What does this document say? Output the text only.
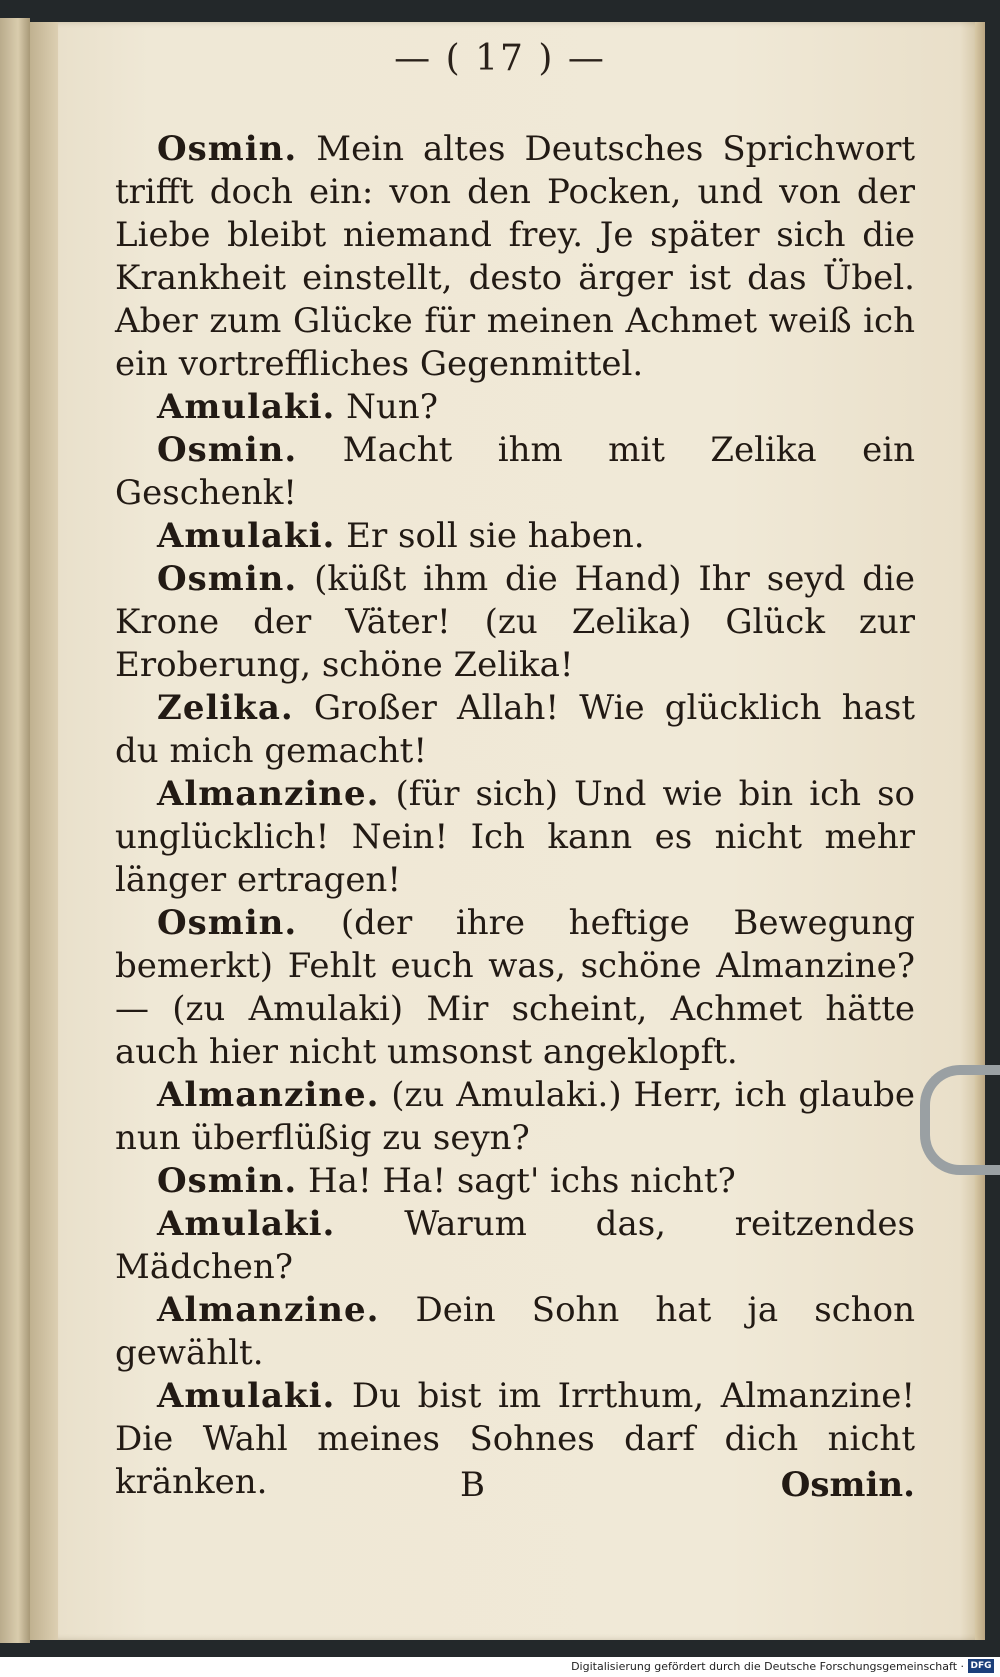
— ( 17 ) —

Osmin. Mein altes Deutsches Sprichwort trifft doch ein: von den Pocken, und von der Liebe bleibt niemand frey. Je später sich die Krankheit einstellt, desto ärger ist das Übel. Aber zum Glücke für meinen Achmet weiß ich ein vortreffliches Gegenmittel.

Amulaki. Nun?

Osmin. Macht ihm mit Zelika ein Geschenk!

Amulaki. Er soll sie haben.

Osmin. (küßt ihm die Hand) Ihr seyd die Krone der Väter! (zu Zelika) Glück zur Eroberung, schöne Zelika!

Zelika. Großer Allah! Wie glücklich hast du mich gemacht!

Almanzine. (für sich) Und wie bin ich so unglücklich! Nein! Ich kann es nicht mehr länger ertragen!

Osmin. (der ihre heftige Bewegung bemerkt) Fehlt euch was, schöne Almanzine? — (zu Amulaki) Mir scheint, Achmet hätte auch hier nicht umsonst angeklopft.

Almanzine. (zu Amulaki.) Herr, ich glaube nun überflüßig zu seyn?

Osmin. Ha! Ha! sagt' ichs nicht?

Amulaki. Warum das, reitzendes Mädchen?

Almanzine. Dein Sohn hat ja schon gewählt.

Amulaki. Du bist im Irrthum, Almanzine! Die Wahl meines Sohnes darf dich nicht kränken.	B	Osmin.
Digitalisierung gefördert durch die Deutsche Forschungsgemeinschaft · DFG
